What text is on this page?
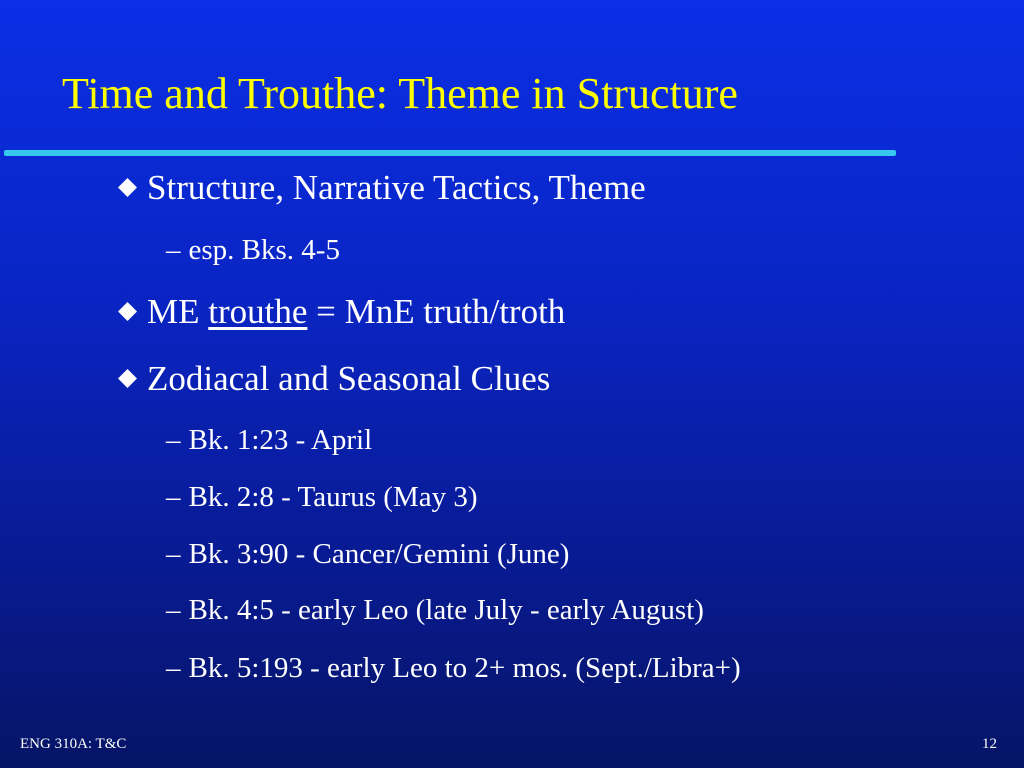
Time and Trouthe: Theme in Structure
Structure, Narrative Tactics, Theme
– esp. Bks. 4-5
ME trouthe = MnE truth/troth
Zodiacal and Seasonal Clues
– Bk. 1:23 - April
– Bk. 2:8 - Taurus (May 3)
– Bk. 3:90 - Cancer/Gemini (June)
– Bk. 4:5 - early Leo (late July - early August)
– Bk. 5:193 - early Leo to 2+ mos. (Sept./Libra+)
ENG 310A: T&C	12
